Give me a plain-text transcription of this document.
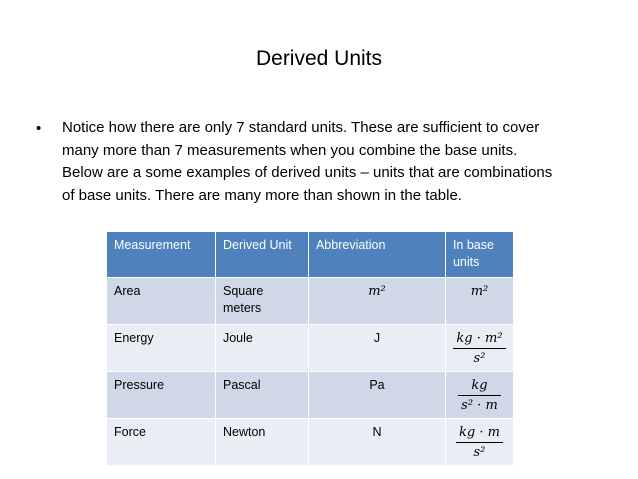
Derived Units
• Notice how there are only 7 standard units. These are sufficient to cover
many more than 7 measurements when you combine the base units.
Below are a some examples of derived units – units that are combinations
of base units. There are many more than shown in the table.
Measurement	Derived Unit	Abbreviation	In base units
Area	Square meters	m²	m²
Energy	Joule	J	$\frac{\text{kg · m²}}{\text{s²}}$

Pressure	Pascal	Pa	$\frac{kg}{\text{s² · m}}$

Force	Newton	N	$\frac{kg \cdot m}{\text{s²}}$
